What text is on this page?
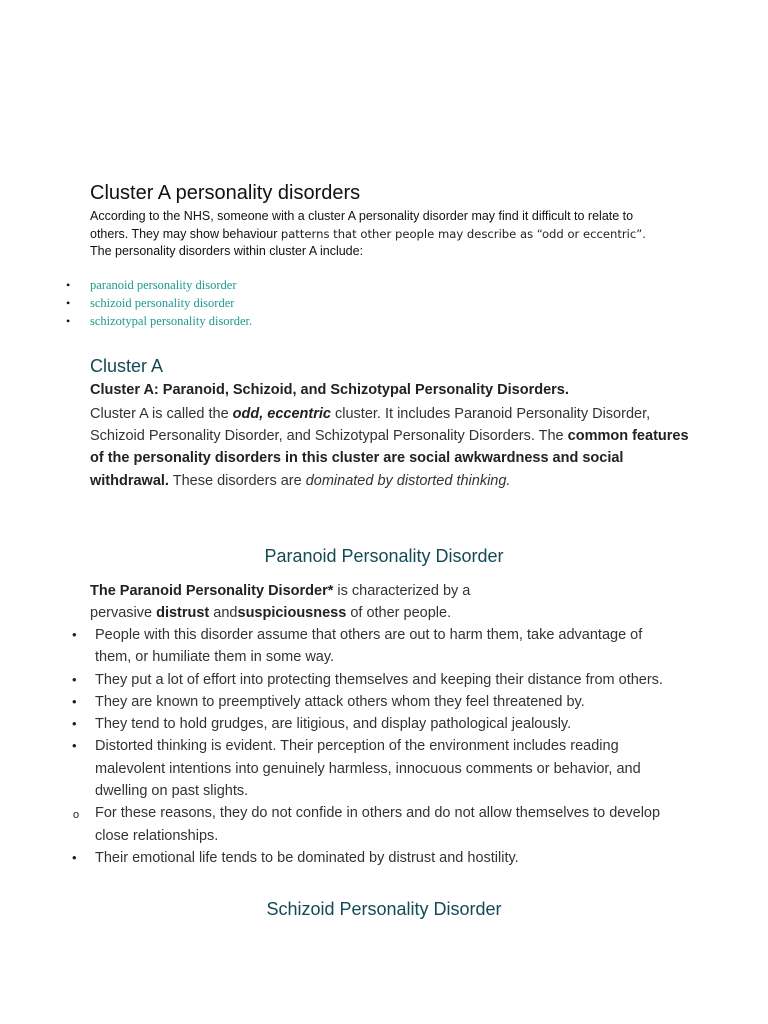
Cluster A personality disorders
According to the NHS, someone with a cluster A personality disorder may find it difficult to relate to
others. They may show behaviour patterns that other people may describe as “odd or eccentric”.
The personality disorders within cluster A include:
• paranoid personality disorder
• schizoid personality disorder
• schizotypal personality disorder.
Cluster A
Cluster A: Paranoid, Schizoid, and Schizotypal Personality Disorders.
Cluster A is called the odd, eccentric cluster. It includes Paranoid Personality Disorder, Schizoid Personality Disorder, and Schizotypal Personality Disorders. The common features of the personality disorders in this cluster are social awkwardness and social withdrawal. These disorders are dominated by distorted thinking.
Paranoid Personality Disorder
The Paranoid Personality Disorder* is characterized by a
pervasive distrust andsuspiciousness of other people.
• People with this disorder assume that others are out to harm them, take advantage of them, or humiliate them in some way.
• They put a lot of effort into protecting themselves and keeping their distance from others.
• They are known to preemptively attack others whom they feel threatened by.
• They tend to hold grudges, are litigious, and display pathological jealously.
• Distorted thinking is evident. Their perception of the environment includes reading malevolent intentions into genuinely harmless, innocuous comments or behavior, and dwelling on past slights.
o For these reasons, they do not confide in others and do not allow themselves to develop close relationships.
• Their emotional life tends to be dominated by distrust and hostility.
Schizoid Personality Disorder
